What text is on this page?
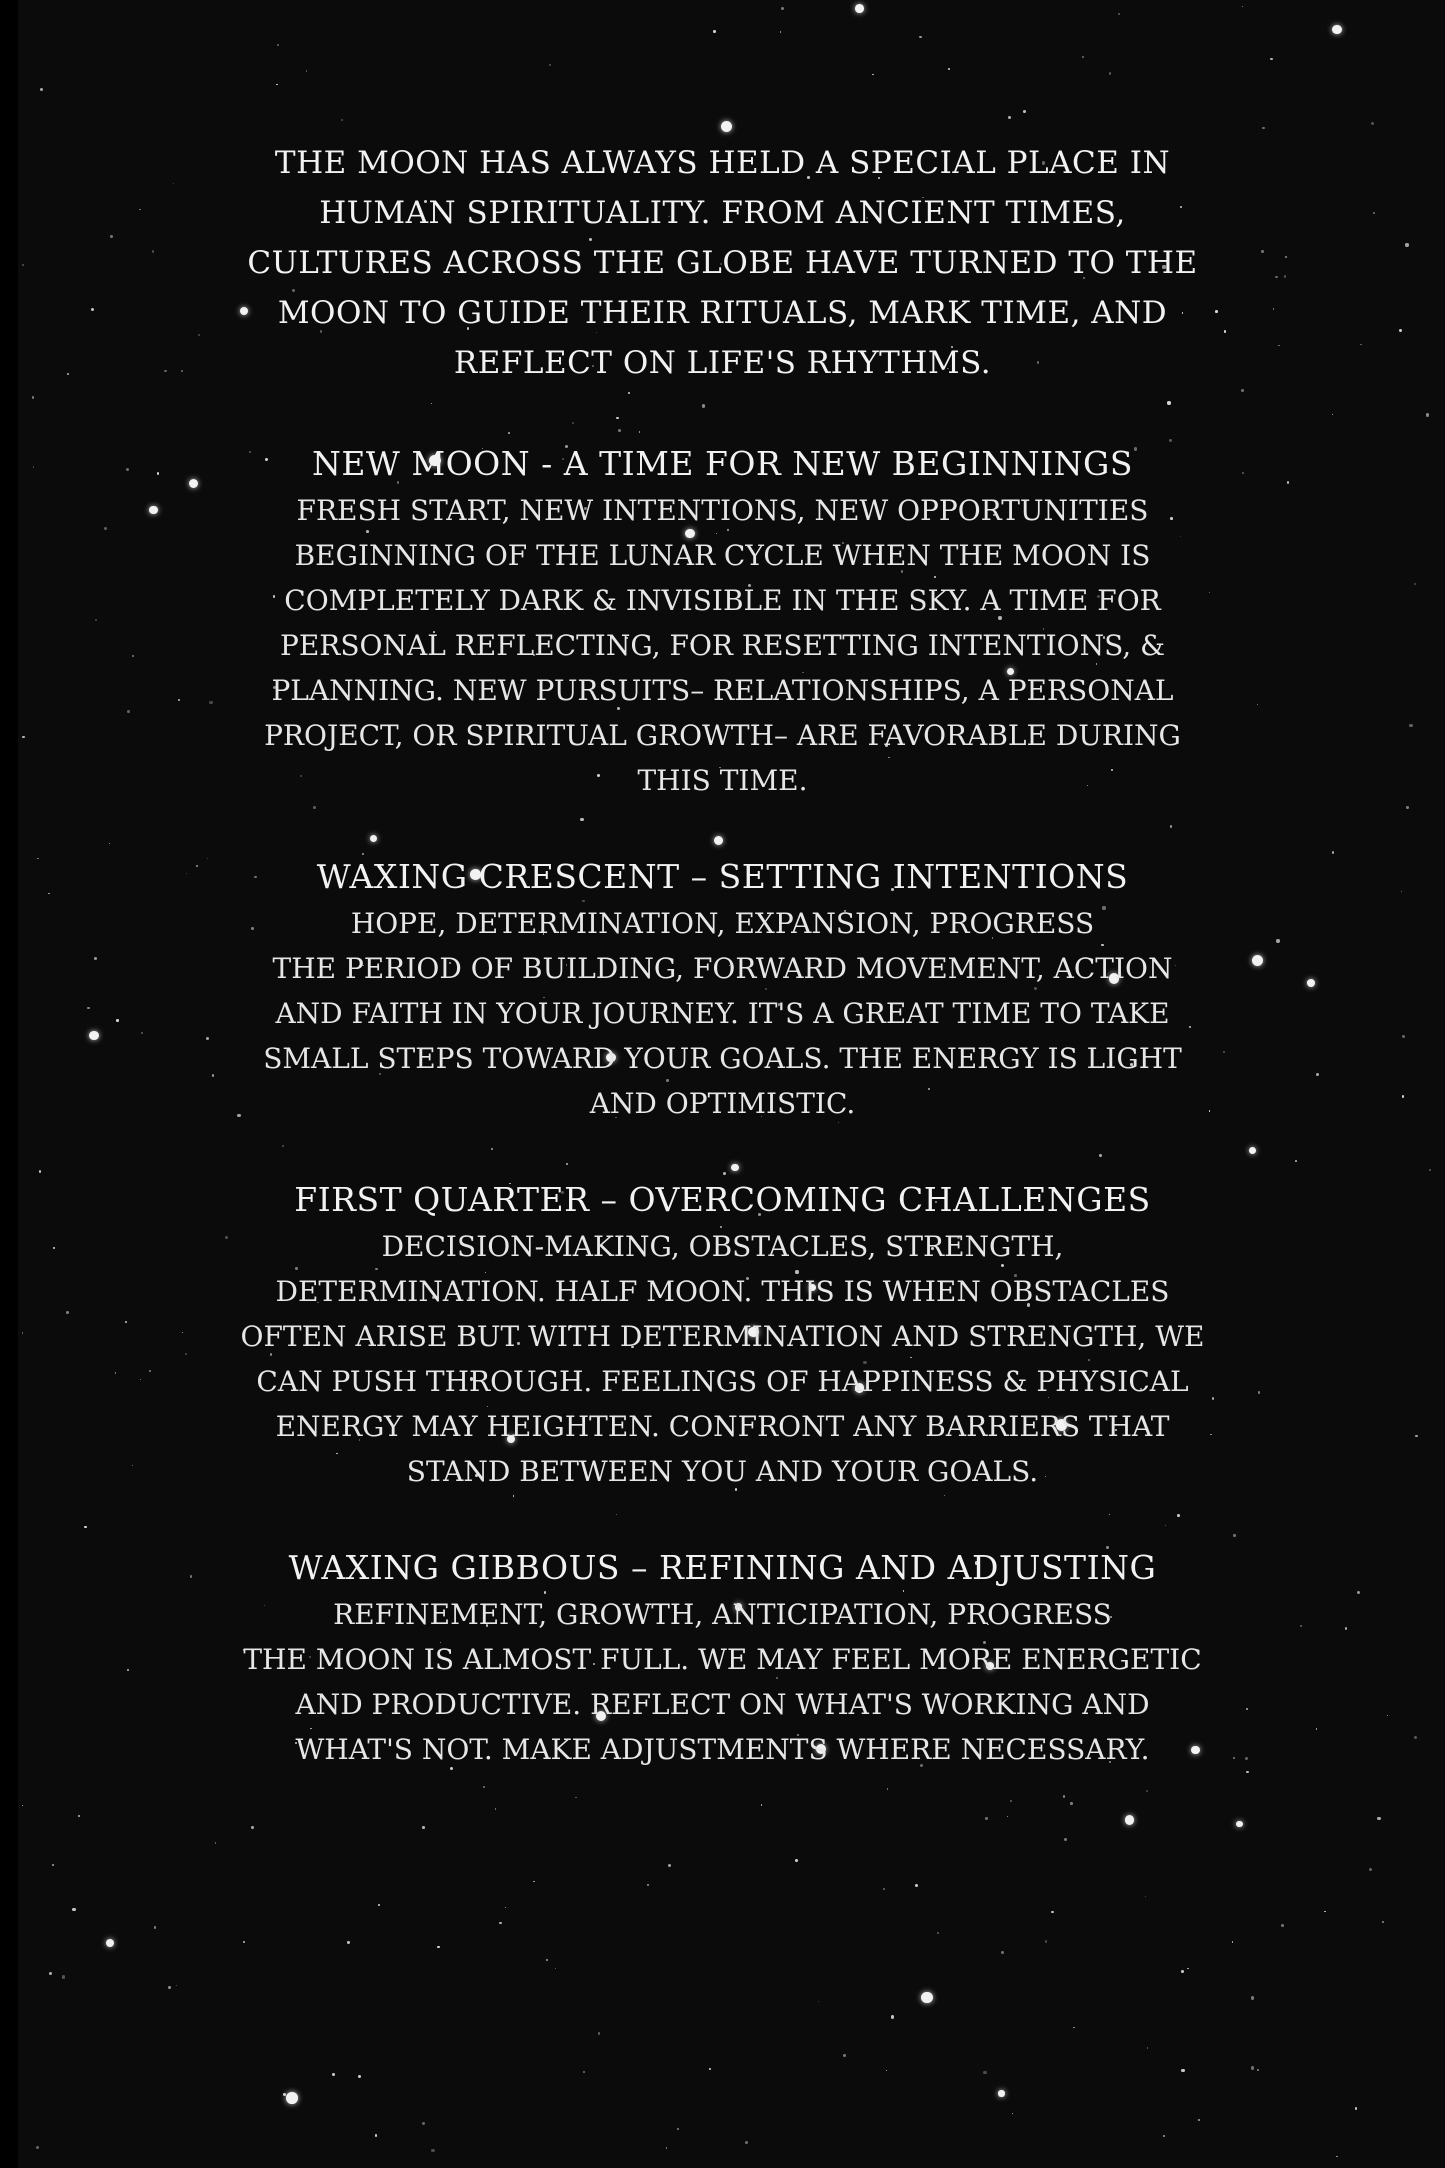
THE MOON HAS ALWAYS HELD A SPECIAL PLACE IN HUMAN SPIRITUALITY. FROM ANCIENT TIMES, CULTURES ACROSS THE GLOBE HAVE TURNED TO THE MOON TO GUIDE THEIR RITUALS, MARK TIME, AND REFLECT ON LIFE'S RHYTHMS.

NEW MOON - A TIME FOR NEW BEGINNINGS

FRESH START, NEW INTENTIONS, NEW OPPORTUNITIES

BEGINNING OF THE LUNAR CYCLE WHEN THE MOON IS COMPLETELY DARK & INVISIBLE IN THE SKY. A TIME FOR PERSONAL REFLECTING, FOR RESETTING INTENTIONS, & PLANNING. NEW PURSUITS– RELATIONSHIPS, A PERSONAL PROJECT, OR SPIRITUAL GROWTH– ARE FAVORABLE DURING THIS TIME.

WAXING CRESCENT – SETTING INTENTIONS

HOPE, DETERMINATION, EXPANSION, PROGRESS

THE PERIOD OF BUILDING, FORWARD MOVEMENT, ACTION AND FAITH IN YOUR JOURNEY. IT'S A GREAT TIME TO TAKE SMALL STEPS TOWARD YOUR GOALS. THE ENERGY IS LIGHT AND OPTIMISTIC.

FIRST QUARTER – OVERCOMING CHALLENGES

DECISION-MAKING, OBSTACLES, STRENGTH,

DETERMINATION. HALF MOON. THIS IS WHEN OBSTACLES OFTEN ARISE BUT WITH DETERMINATION AND STRENGTH, WE CAN PUSH THROUGH. FEELINGS OF HAPPINESS & PHYSICAL ENERGY MAY HEIGHTEN. CONFRONT ANY BARRIERS THAT STAND BETWEEN YOU AND YOUR GOALS.

WAXING GIBBOUS – REFINING AND ADJUSTING

REFINEMENT, GROWTH, ANTICIPATION, PROGRESS

THE MOON IS ALMOST FULL. WE MAY FEEL MORE ENERGETIC AND PRODUCTIVE. REFLECT ON WHAT'S WORKING AND WHAT'S NOT. MAKE ADJUSTMENTS WHERE NECESSARY.
